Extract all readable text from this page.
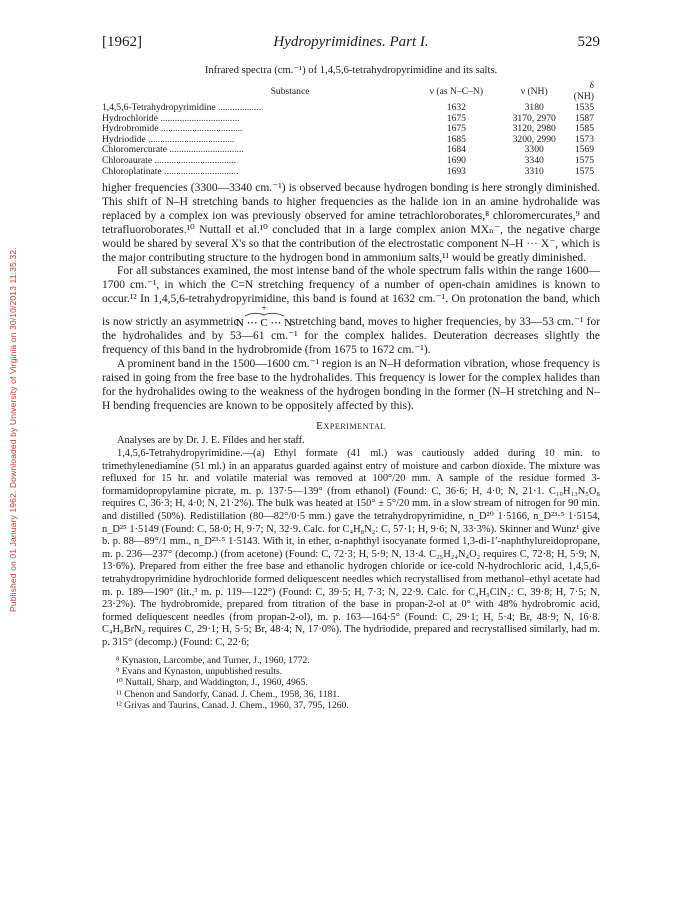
Published on 01 January 1962. Downloaded by University of Virginia on 30/10/2013 11:35:32.
[1962]	Hydropyrimidines. Part I.	529
Infrared spectra (cm.⁻¹) of 1,4,5,6-tetrahydropyrimidine and its salts.
Substance	ν (as N–C–N)	ν (NH)	δ (NH)
1,4,5,6-Tetrahydropyrimidine ..................	1632	3180	1535
Hydrochloride .................................	1675	3170, 2970	1587
Hydrobromide ..................................	1675	3120, 2980	1585
Hydriodide ....................................	1685	3200, 2990	1573
Chloromercurate ...............................	1684	3300	1569
Chloroaurate ..................................	1690	3340	1575
Chloroplatinate ...............................	1693	3310	1575

higher frequencies (3300—3340 cm.⁻¹) is observed because hydrogen bonding is here strongly diminished. This shift of N–H stretching bands to higher frequencies as the halide ion in an amine hydrohalide was replaced by a complex ion was previously observed for amine tetrachloroborates,⁸ chloromercurates,⁹ and tetrafluoroborates.¹⁰ Nuttall et al.¹⁰ concluded that in a large complex anion MXₙ⁻, the negative charge would be shared by several X's so that the contribution of the electrostatic component N–H ··· X⁻, which is the major contributing structure to the hydrogen bond in ammonium salts,¹¹ would be greatly diminished.

For all substances examined, the most intense band of the whole spectrum falls within the range 1600—1700 cm.⁻¹, in which the C=N stretching frequency of a number of open-chain amidines is known to occur.¹² In 1,4,5,6-tetrahydropyrimidine, this band is found at 1632 cm.⁻¹. On protonation the band, which is now strictly an asymmetric
+
N ⋯ C ⋯ N stretching band, moves to higher frequencies, by 33—53 cm.⁻¹ for the hydrohalides and by 53—61 cm.⁻¹ for the complex halides. Deuteration decreases slightly the frequency of this band in the hydrobromide (from 1675 to 1672 cm.⁻¹).

A prominent band in the 1500—1600 cm.⁻¹ region is an N–H deformation vibration, whose frequency is raised in going from the free base to the hydrohalides. This frequency is lower for the complex halides than for the hydrohalides owing to the weakness of the hydrogen bonding in the former (N–H stretching and N–H bending frequencies are known to be oppositely affected by this).

Experimental

Analyses are by Dr. J. E. Fildes and her staff.

1,4,5,6-Tetrahydropyrimidine.—(a) Ethyl formate (41 ml.) was cautiously added during 10 min. to trimethylenediamine (51 ml.) in an apparatus guarded against entry of moisture and carbon dioxide. The mixture was refluxed for 15 hr. and volatile material was removed at 100°/20 mm. A sample of the residue formed 3-formamidopropylamine picrate, m. p. 137·5—139° (from ethanol) (Found: C, 36·6; H, 4·0; N, 21·1. C₁₀H₁₃N₅O₈ requires C, 36·3; H, 4·0; N, 21·2%). The bulk was heated at 150° ± 5°/20 mm. in a slow stream of nitrogen for 90 min. and distilled (50%). Redistillation (80—82°/0·5 mm.) gave the tetrahydropyrimidine, n_D²⁰ 1·5166, n_D²³·⁵ 1·5154, n_D²⁵ 1·5149 (Found: C, 58·0; H, 9·7; N, 32·9. Calc. for C₄H₈N₂: C, 57·1; H, 9·6; N, 33·3%). Skinner and Wunz¹ give b. p. 88—89°/1 mm., n_D²³·⁵ 1·5143. With it, in ether, α-naphthyl isocyanate formed 1,3-di-1′-naphthylureidopropane, m. p. 236—237° (decomp.) (from acetone) (Found: C, 72·3; H, 5·9; N, 13·4. C₂₅H₂₄N₄O₂ requires C, 72·8; H, 5·9; N, 13·6%). Prepared from either the free base and ethanolic hydrogen chloride or ice-cold N-hydrochloric acid, 1,4,5,6-tetrahydropyrimidine hydrochloride formed deliquescent needles which recrystallised from methanol–ethyl acetate had m. p. 189—190° (lit.,³ m. p. 119—122°) (Found: C, 39·5; H, 7·3; N, 22·9. Calc. for C₄H₉ClN₂: C, 39·8; H, 7·5; N, 23·2%). The hydrobromide, prepared from titration of the base in propan-2-ol at 0° with 48% hydrobromic acid, formed deliquescent needles (from propan-2-ol), m. p. 163—164·5° (Found: C, 29·1; H, 5·4; Br, 48·9; N, 16·8. C₄H₉BrN₂ requires C, 29·1; H, 5·5; Br, 48·4; N, 17·0%). The hydriodide, prepared and recrystallised similarly, had m. p. 315° (decomp.) (Found: C, 22·6;

⁸ Kynaston, Larcombe, and Turner, J., 1960, 1772.
⁹ Evans and Kynaston, unpublished results.
¹⁰ Nuttall, Sharp, and Waddington, J., 1960, 4965.
¹¹ Chenon and Sandorfy, Canad. J. Chem., 1958, 36, 1181.
¹² Grivas and Taurins, Canad. J. Chem., 1960, 37, 795, 1260.
